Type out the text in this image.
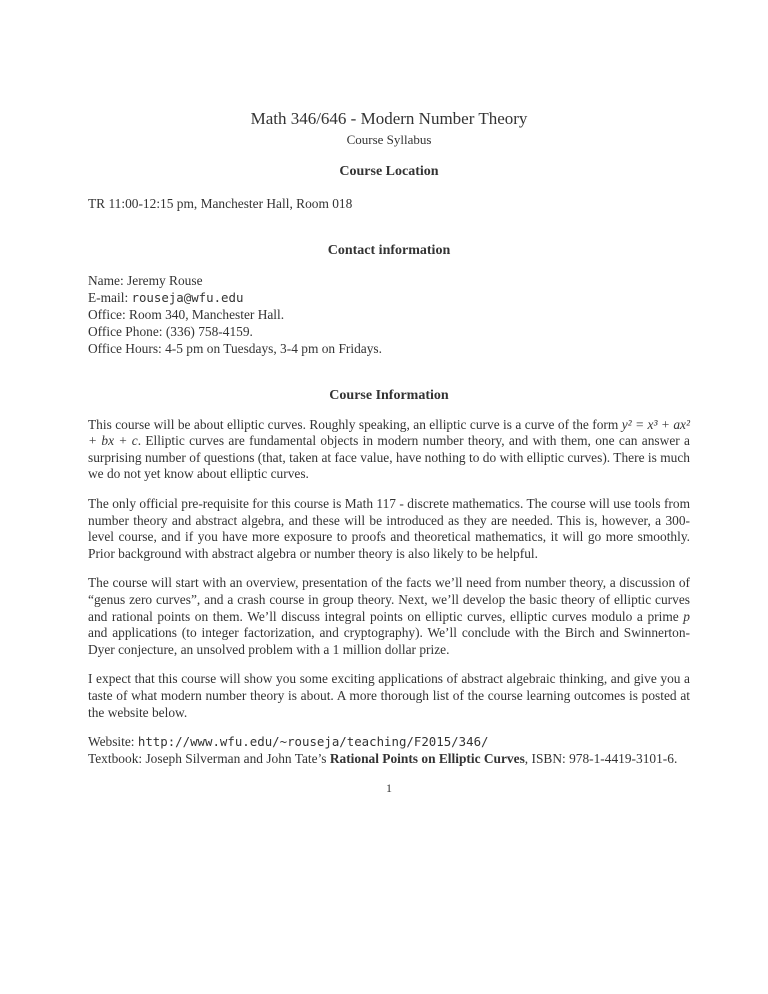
Math 346/646 - Modern Number Theory
Course Syllabus
Course Location

TR 11:00-12:15 pm, Manchester Hall, Room 018

Contact information
Name: Jeremy Rouse
E-mail: rouseja@wfu.edu
Office: Room 340, Manchester Hall.
Office Phone: (336) 758-4159.
Office Hours: 4-5 pm on Tuesdays, 3-4 pm on Fridays.
Course Information

This course will be about elliptic curves. Roughly speaking, an elliptic curve is a curve of the form y² = x³ + ax² + bx + c. Elliptic curves are fundamental objects in modern number theory, and with them, one can answer a surprising number of questions (that, taken at face value, have nothing to do with elliptic curves). There is much we do not yet know about elliptic curves.

The only official pre-requisite for this course is Math 117 - discrete mathematics. The course will use tools from number theory and abstract algebra, and these will be introduced as they are needed. This is, however, a 300-level course, and if you have more exposure to proofs and theoretical mathematics, it will go more smoothly. Prior background with abstract algebra or number theory is also likely to be helpful.

The course will start with an overview, presentation of the facts we’ll need from number theory, a discussion of “genus zero curves”, and a crash course in group theory. Next, we’ll develop the basic theory of elliptic curves and rational points on them. We’ll discuss integral points on elliptic curves, elliptic curves modulo a prime p and applications (to integer factorization, and cryptography). We’ll conclude with the Birch and Swinnerton-Dyer conjecture, an unsolved problem with a 1 million dollar prize.

I expect that this course will show you some exciting applications of abstract algebraic thinking, and give you a taste of what modern number theory is about. A more thorough list of the course learning outcomes is posted at the website below.

Website: http://www.wfu.edu/~rouseja/teaching/F2015/346/
Textbook: Joseph Silverman and John Tate’s Rational Points on Elliptic Curves, ISBN: 978-1-4419-3101-6.

1
